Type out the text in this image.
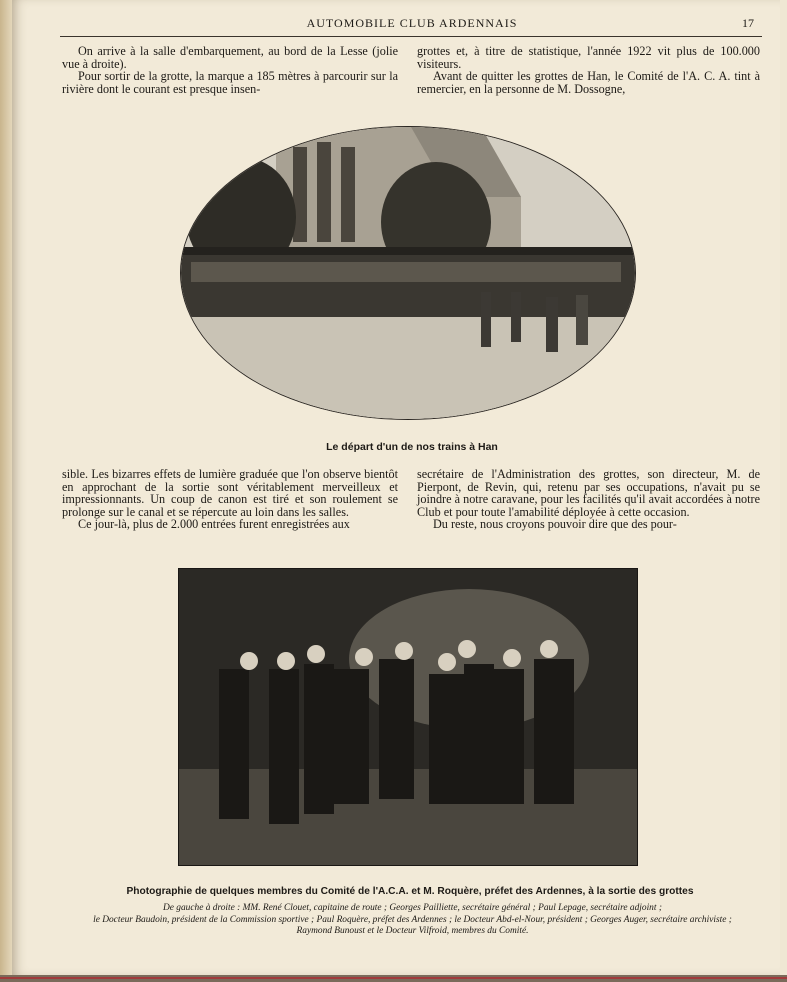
AUTOMOBILE CLUB ARDENNAIS	17

On arrive à la salle d'embarquement, au bord de la Lesse (jolie vue à droite).

Pour sortir de la grotte, la marque a 185 mètres à parcourir sur la rivière dont le courant est presque insen-

grottes et, à titre de statistique, l'année 1922 vit plus de 100.000 visiteurs.

Avant de quitter les grottes de Han, le Comité de l'A. C. A. tint à remercier, en la personne de M. Dossogne,

Le départ d'un de nos trains à Han

sible. Les bizarres effets de lumière graduée que l'on observe bientôt en approchant de la sortie sont véritablement merveilleux et impressionnants. Un coup de canon est tiré et son roulement se prolonge sur le canal et se répercute au loin dans les salles.

Ce jour-là, plus de 2.000 entrées furent enregistrées aux

secrétaire de l'Administration des grottes, son directeur, M. de Pierpont, de Revin, qui, retenu par ses occupations, n'avait pu se joindre à notre caravane, pour les facilités qu'il avait accordées à notre Club et pour toute l'amabilité déployée à cette occasion.

Du reste, nous croyons pouvoir dire que des pour-

Photographie de quelques membres du Comité de l'A.C.A. et M. Roquère, préfet des Ardennes, à la sortie des grottes
De gauche à droite : MM. René Clouet, capitaine de route ; Georges Pailliette, secrétaire général ; Paul Lepage, secrétaire adjoint ;
le Docteur Baudoin, président de la Commission sportive ; Paul Roquère, préfet des Ardennes ; le Docteur Abd-el-Nour, président ; Georges Auger, secrétaire archiviste ;
Raymond Bunoust et le Docteur Vilfroid, membres du Comité.
